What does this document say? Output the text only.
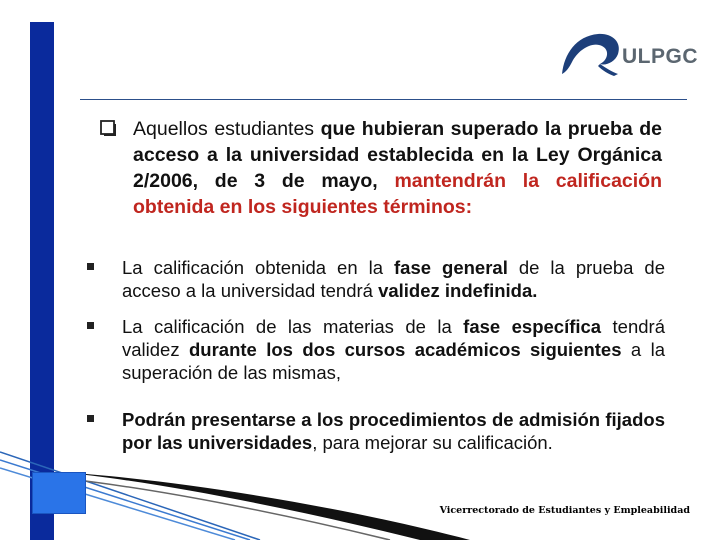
ULPGC
Aquellos estudiantes que hubieran superado la prueba de acceso a la universidad establecida en la Ley Orgánica 2/2006, de 3 de mayo, mantendrán la calificación obtenida en los siguientes términos:
La calificación obtenida en la fase general de la prueba de acceso a la universidad tendrá validez indefinida.
La calificación de las materias de la fase específica tendrá validez durante los dos cursos académicos siguientes a la superación de las mismas,
Podrán presentarse a los procedimientos de admisión fijados por las universidades, para mejorar su calificación.
Vicerrectorado de Estudiantes y Empleabilidad
